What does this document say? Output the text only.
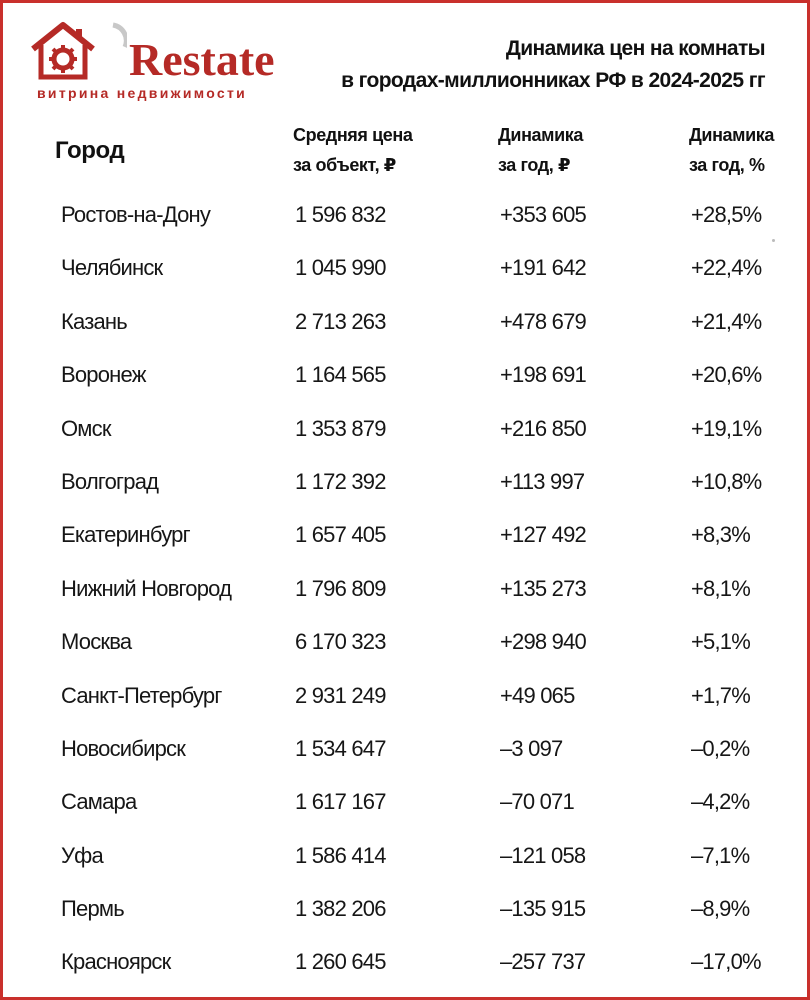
Restate
витрина недвижимости
Динамика цен на комнаты
в городах-миллионниках РФ в 2024-2025 гг
Город
Средняя цена
за объект, ₽
Динамика
за год, ₽
Динамика
за год, %
Ростов-на-Дону	1 596 832	+353 605	+28,5%
Челябинск	1 045 990	+191 642	+22,4%
Казань	2 713 263	+478 679	+21,4%
Воронеж	1 164 565	+198 691	+20,6%
Омск	1 353 879	+216 850	+19,1%
Волгоград	1 172 392	+113 997	+10,8%
Екатеринбург	1 657 405	+127 492	+8,3%
Нижний Новгород	1 796 809	+135 273	+8,1%
Москва	6 170 323	+298 940	+5,1%
Санкт-Петербург	2 931 249	+49 065	+1,7%
Новосибирск	1 534 647	–3 097	–0,2%
Самара	1 617 167	–70 071	–4,2%
Уфа	1 586 414	–121 058	–7,1%
Пермь	1 382 206	–135 915	–8,9%
Красноярск	1 260 645	–257 737	–17,0%
